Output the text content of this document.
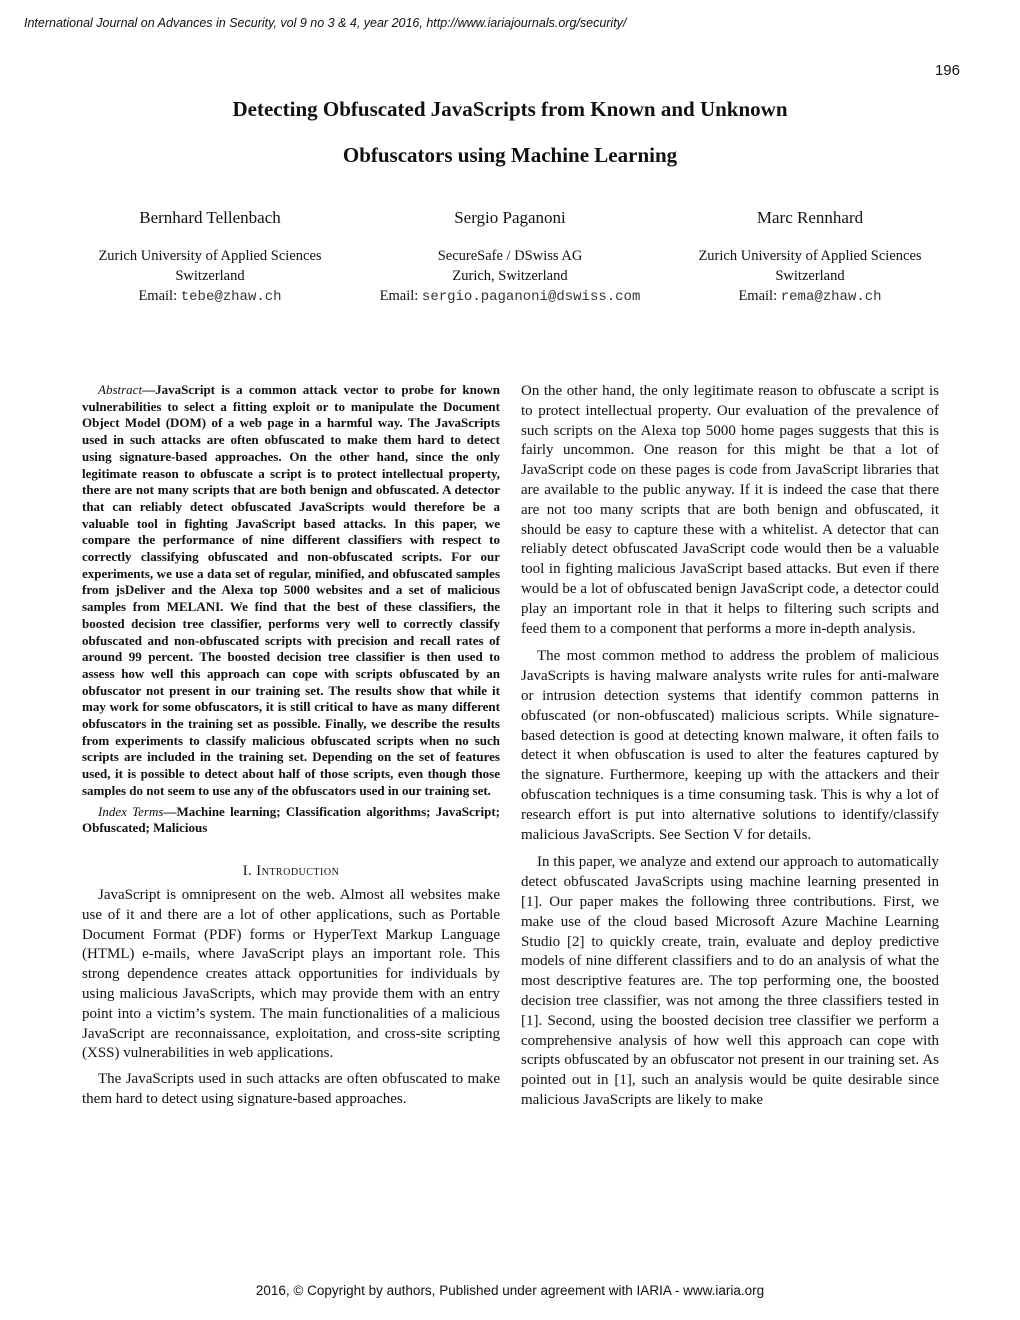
International Journal on Advances in Security, vol 9 no 3 & 4, year 2016, http://www.iariajournals.org/security/
196
Detecting Obfuscated JavaScripts from Known and Unknown
Obfuscators using Machine Learning
Bernhard Tellenbach
Zurich University of Applied Sciences
Switzerland
Email: tebe@zhaw.ch
Sergio Paganoni
SecureSafe / DSwiss AG
Zurich, Switzerland
Email: sergio.paganoni@dswiss.com
Marc Rennhard
Zurich University of Applied Sciences
Switzerland
Email: rema@zhaw.ch

Abstract—JavaScript is a common attack vector to probe for known vulnerabilities to select a fitting exploit or to manipulate the Document Object Model (DOM) of a web page in a harmful way. The JavaScripts used in such attacks are often obfuscated to make them hard to detect using signature-based approaches. On the other hand, since the only legitimate reason to obfuscate a script is to protect intellectual property, there are not many scripts that are both benign and obfuscated. A detector that can reliably detect obfuscated JavaScripts would therefore be a valuable tool in fighting JavaScript based attacks. In this paper, we compare the performance of nine different classifiers with respect to correctly classifying obfuscated and non-obfuscated scripts. For our experiments, we use a data set of regular, minified, and obfuscated samples from jsDeliver and the Alexa top 5000 websites and a set of malicious samples from MELANI. We find that the best of these classifiers, the boosted decision tree classifier, performs very well to correctly classify obfuscated and non-obfuscated scripts with precision and recall rates of around 99 percent. The boosted decision tree classifier is then used to assess how well this approach can cope with scripts obfuscated by an obfuscator not present in our training set. The results show that while it may work for some obfuscators, it is still critical to have as many different obfuscators in the training set as possible. Finally, we describe the results from experiments to classify malicious obfuscated scripts when no such scripts are included in the training set. Depending on the set of features used, it is possible to detect about half of those scripts, even though those samples do not seem to use any of the obfuscators used in our training set.

Index Terms—Machine learning; Classification algorithms; JavaScript; Obfuscated; Malicious

I. Introduction

JavaScript is omnipresent on the web. Almost all websites make use of it and there are a lot of other applications, such as Portable Document Format (PDF) forms or HyperText Markup Language (HTML) e-mails, where JavaScript plays an important role. This strong dependence creates attack opportunities for individuals by using malicious JavaScripts, which may provide them with an entry point into a victim’s system. The main functionalities of a malicious JavaScript are reconnaissance, exploitation, and cross-site scripting (XSS) vulnerabilities in web applications.

The JavaScripts used in such attacks are often obfuscated to make them hard to detect using signature-based approaches.

On the other hand, the only legitimate reason to obfuscate a script is to protect intellectual property. Our evaluation of the prevalence of such scripts on the Alexa top 5000 home pages suggests that this is fairly uncommon. One reason for this might be that a lot of JavaScript code on these pages is code from JavaScript libraries that are available to the public anyway. If it is indeed the case that there are not too many scripts that are both benign and obfuscated, it should be easy to capture these with a whitelist. A detector that can reliably detect obfuscated JavaScript code would then be a valuable tool in fighting malicious JavaScript based attacks. But even if there would be a lot of obfuscated benign JavaScript code, a detector could play an important role in that it helps to filtering such scripts and feed them to a component that performs a more in-depth analysis.

The most common method to address the problem of malicious JavaScripts is having malware analysts write rules for anti-malware or intrusion detection systems that identify common patterns in obfuscated (or non-obfuscated) malicious scripts. While signature-based detection is good at detecting known malware, it often fails to detect it when obfuscation is used to alter the features captured by the signature. Furthermore, keeping up with the attackers and their obfuscation techniques is a time consuming task. This is why a lot of research effort is put into alternative solutions to identify/classify malicious JavaScripts. See Section V for details.

In this paper, we analyze and extend our approach to automatically detect obfuscated JavaScripts using machine learning presented in [1]. Our paper makes the following three contributions. First, we make use of the cloud based Microsoft Azure Machine Learning Studio [2] to quickly create, train, evaluate and deploy predictive models of nine different classifiers and to do an analysis of what the most descriptive features are. The top performing one, the boosted decision tree classifier, was not among the three classifiers tested in [1]. Second, using the boosted decision tree classifier we perform a comprehensive analysis of how well this approach can cope with scripts obfuscated by an obfuscator not present in our training set. As pointed out in [1], such an analysis would be quite desirable since malicious JavaScripts are likely to make

2016, © Copyright by authors, Published under agreement with IARIA - www.iaria.org
